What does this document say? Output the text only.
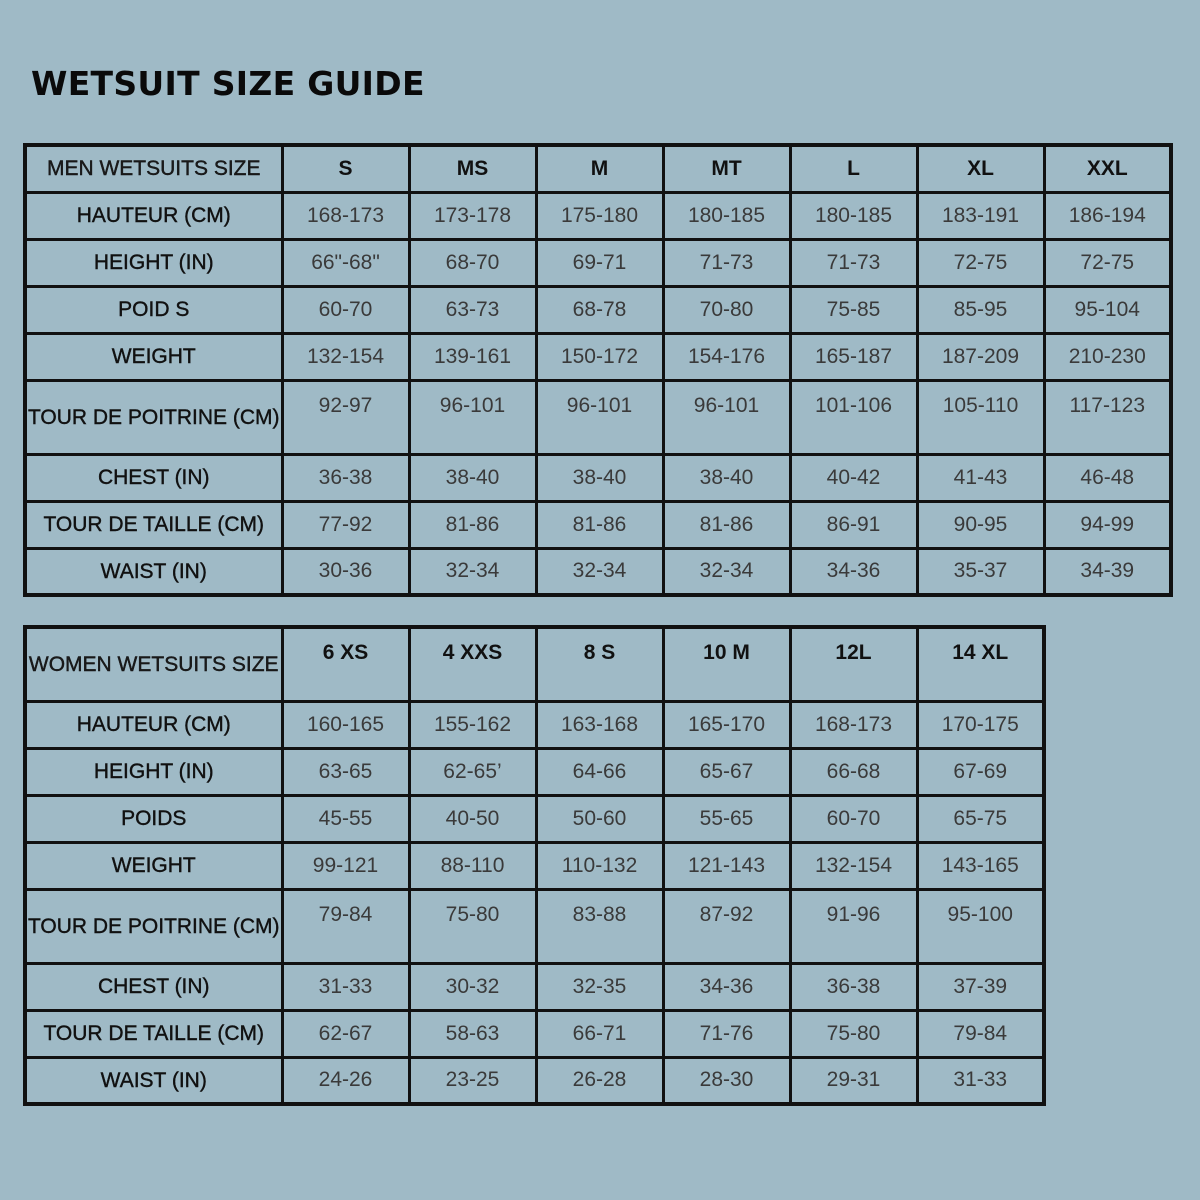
WETSUIT SIZE GUIDE
MEN WETSUITS SIZE	S	MS	M	MT	L	XL	XXL
HAUTEUR (CM)	168-173	173-178	175-180	180-185	180-185	183-191	186-194
HEIGHT (IN)	66"-68"	68-70	69-71	71-73	71-73	72-75	72-75
POID S	60-70	63-73	68-78	70-80	75-85	85-95	95-104
WEIGHT	132-154	139-161	150-172	154-176	165-187	187-209	210-230
TOUR DE POITRINE (CM)	92-97	96-101	96-101	96-101	101-106	105-110	117-123
CHEST (IN)	36-38	38-40	38-40	38-40	40-42	41-43	46-48
TOUR DE TAILLE (CM)	77-92	81-86	81-86	81-86	86-91	90-95	94-99
WAIST (IN)	30-36	32-34	32-34	32-34	34-36	35-37	34-39
WOMEN WETSUITS SIZE	6 XS	4 XXS	8 S	10 M	12L	14 XL
HAUTEUR (CM)	160-165	155-162	163-168	165-170	168-173	170-175
HEIGHT (IN)	63-65	62-65’	64-66	65-67	66-68	67-69
POIDS	45-55	40-50	50-60	55-65	60-70	65-75
WEIGHT	99-121	88-110	110-132	121-143	132-154	143-165
TOUR DE POITRINE (CM)	79-84	75-80	83-88	87-92	91-96	95-100
CHEST (IN)	31-33	30-32	32-35	34-36	36-38	37-39
TOUR DE TAILLE (CM)	62-67	58-63	66-71	71-76	75-80	79-84
WAIST (IN)	24-26	23-25	26-28	28-30	29-31	31-33
